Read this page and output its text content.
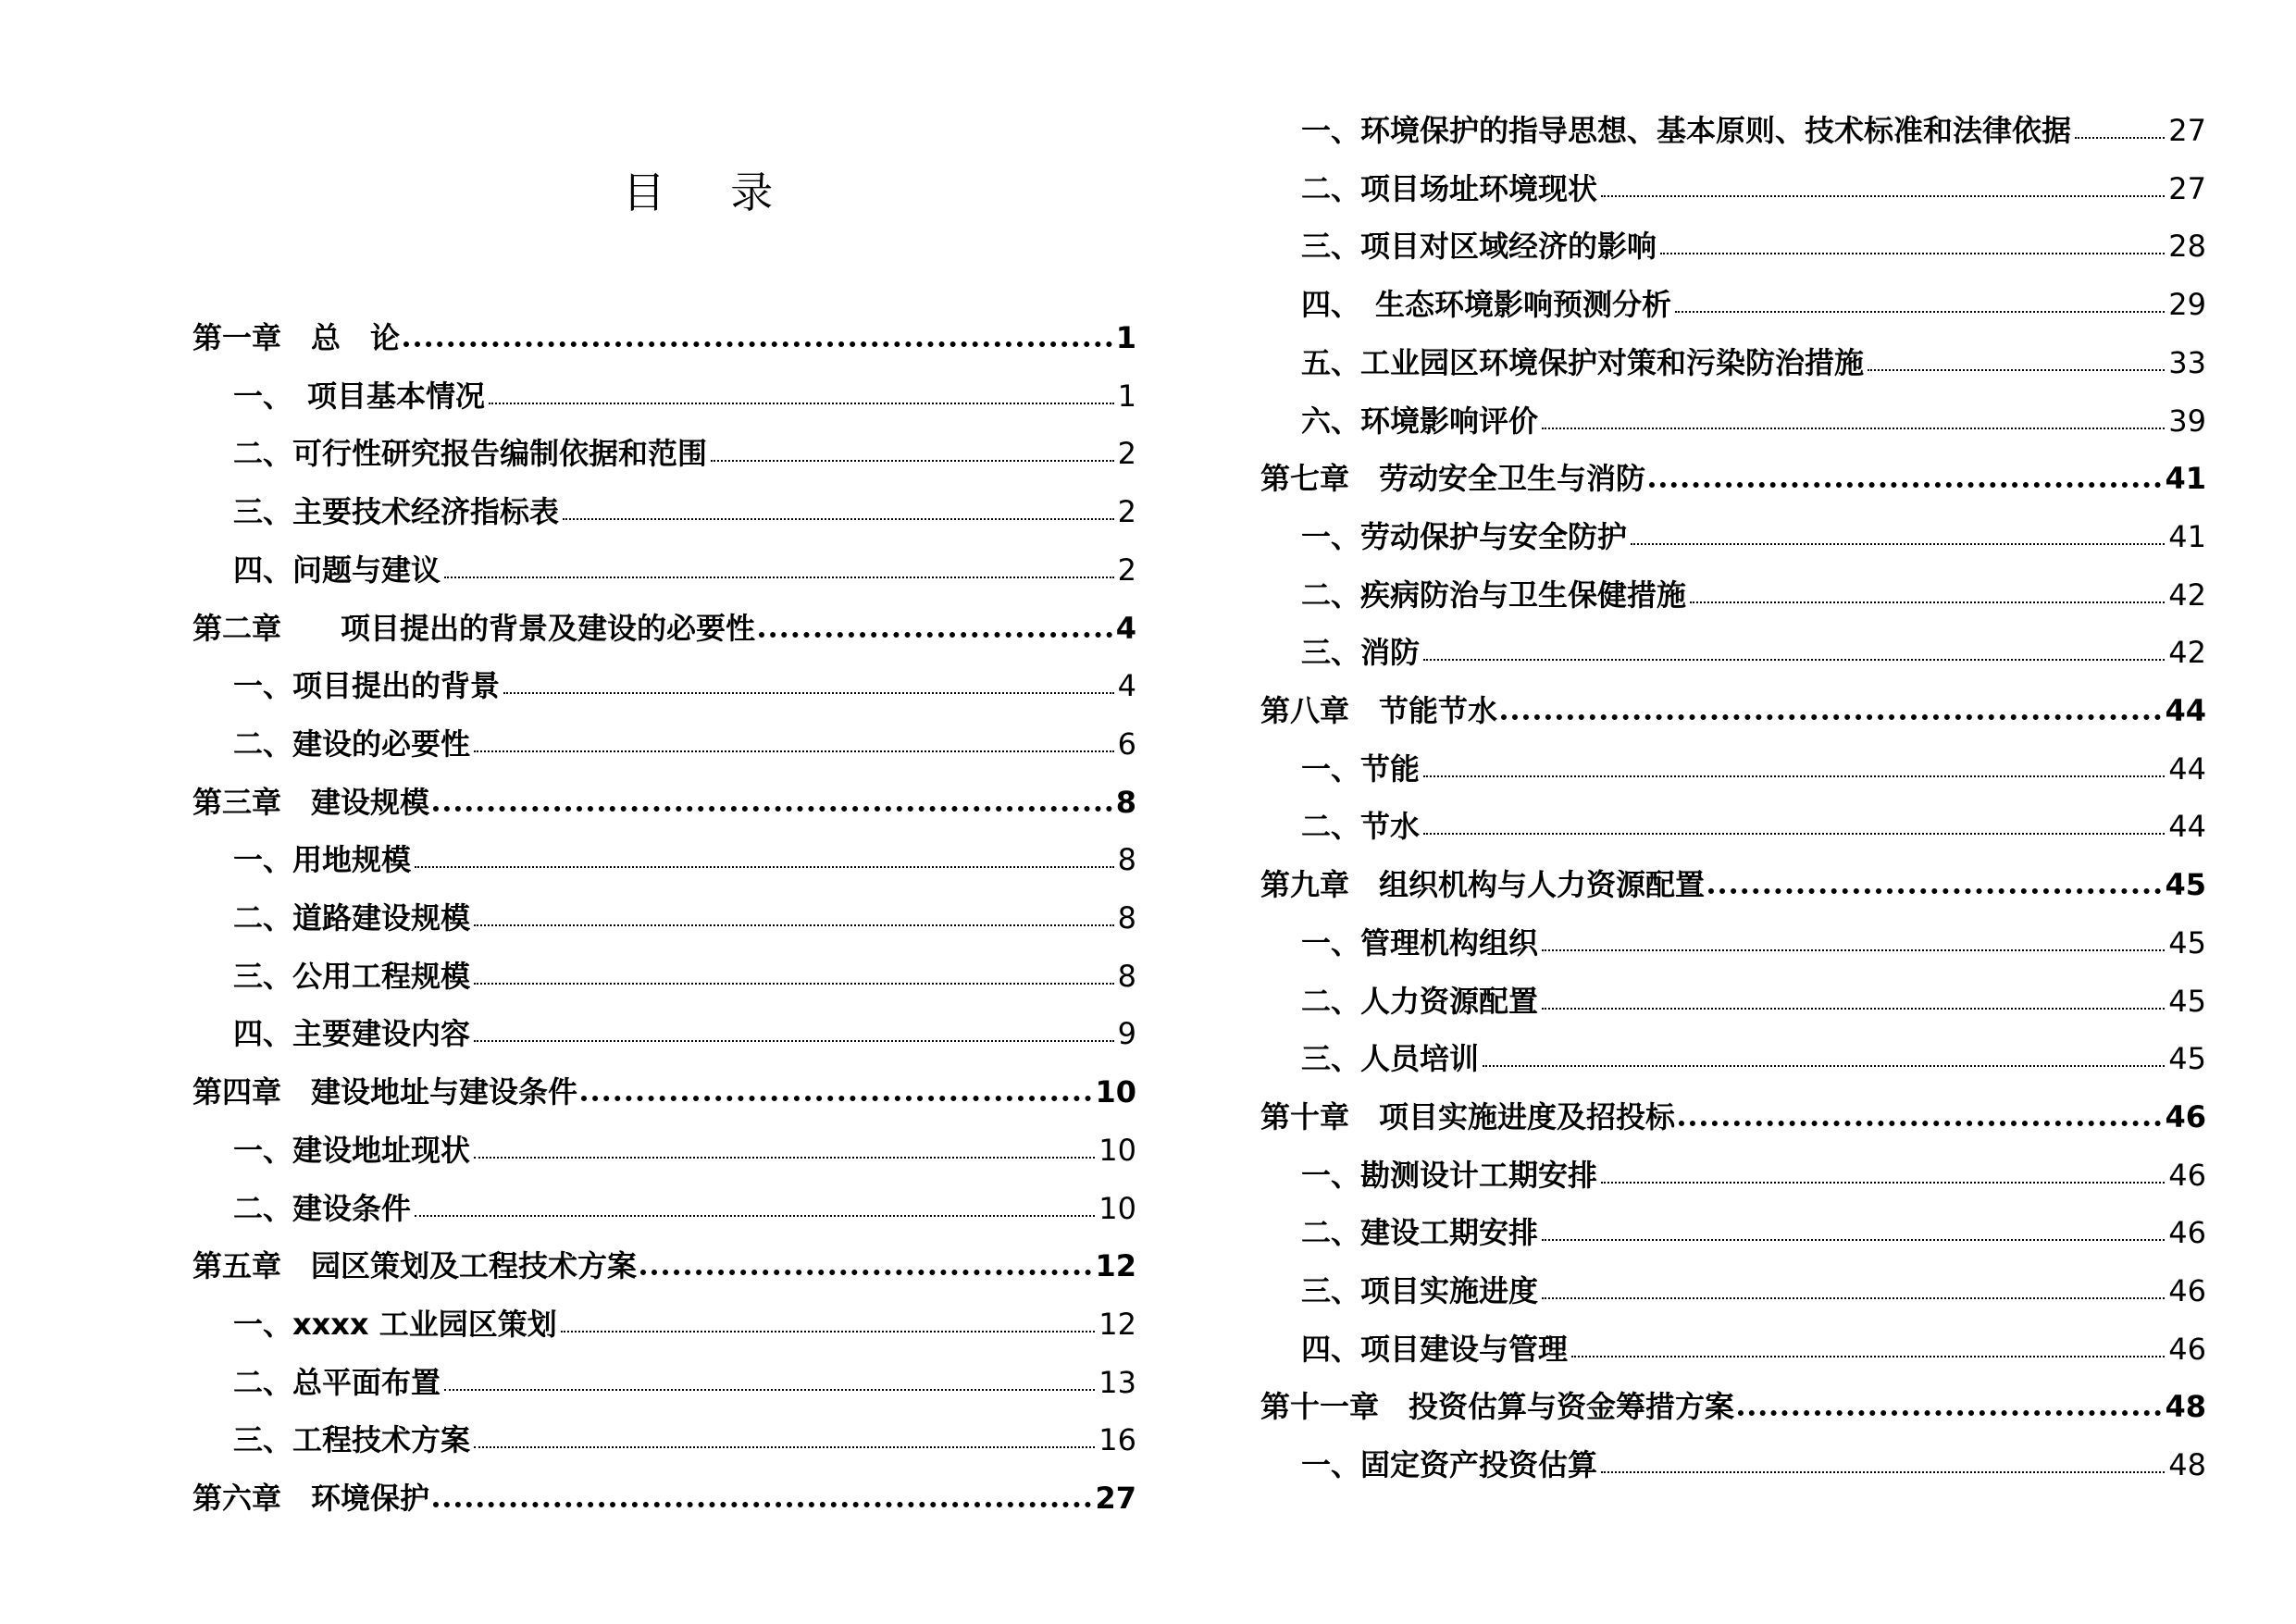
目 录
第一章　总　论	1
一、　项目基本情况	1
二、可行性研究报告编制依据和范围	2
三、主要技术经济指标表	2
四、问题与建议	2
第二章　　项目提出的背景及建设的必要性	4
一、项目提出的背景	4
二、建设的必要性	6
第三章　建设规模	8
一、用地规模	8
二、道路建设规模	8
三、公用工程规模	8
四、主要建设内容	9
第四章　建设地址与建设条件	10
一、建设地址现状	10
二、建设条件	10
第五章　园区策划及工程技术方案	12
一、xxxx 工业园区策划	12
二、总平面布置	13
三、工程技术方案	16
第六章　环境保护	27
一、环境保护的指导思想、基本原则、技术标准和法律依据	27
二、项目场址环境现状	27
三、项目对区域经济的影响	28
四、　生态环境影响预测分析	29
五、工业园区环境保护对策和污染防治措施	33
六、环境影响评价	39
第七章　劳动安全卫生与消防	41
一、劳动保护与安全防护	41
二、疾病防治与卫生保健措施	42
三、消防	42
第八章　节能节水	44
一、节能	44
二、节水	44
第九章　组织机构与人力资源配置	45
一、管理机构组织	45
二、人力资源配置	45
三、人员培训	45
第十章　项目实施进度及招投标	46
一、勘测设计工期安排	46
二、建设工期安排	46
三、项目实施进度	46
四、项目建设与管理	46
第十一章　投资估算与资金筹措方案	48
一、固定资产投资估算	48
